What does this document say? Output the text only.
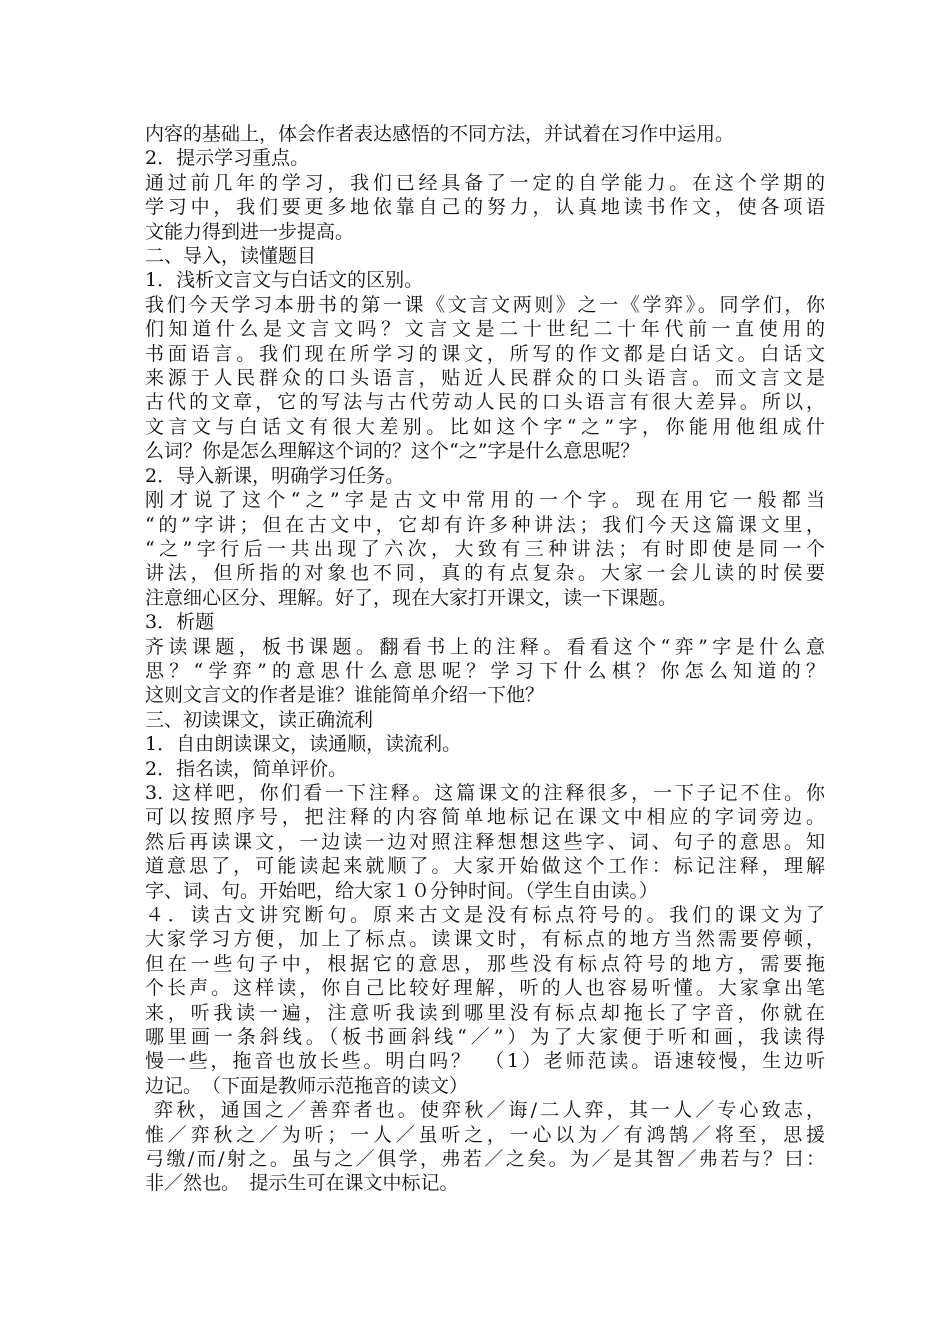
内容的基础上，体会作者表达感悟的不同方法，并试着在习作中运用。
2．提示学习重点。
通过前几年的学习，我们已经具备了一定的自学能力。在这个学期的
学习中，我们要更多地依靠自己的努力，认真地读书作文，使各项语
文能力得到进一步提高。
二、导入，读懂题目
1．浅析文言文与白话文的区别。
我们今天学习本册书的第一课《文言文两则》之一《学弈》。同学们，你
们知道什么是文言文吗？文言文是二十世纪二十年代前一直使用的
书面语言。我们现在所学习的课文，所写的作文都是白话文。白话文
来源于人民群众的口头语言，贴近人民群众的口头语言。而文言文是
古代的文章，它的写法与古代劳动人民的口头语言有很大差异。所以，
文言文与白话文有很大差别。比如这个字“之”字，你能用他组成什
么词？你是怎么理解这个词的？这个“之”字是什么意思呢？
2．导入新课，明确学习任务。
刚才说了这个“之”字是古文中常用的一个字。现在用它一般都当
“的”字讲；但在古文中，它却有许多种讲法；我们今天这篇课文里，
“之”字行后一共出现了六次，大致有三种讲法；有时即使是同一个
讲法，但所指的对象也不同，真的有点复杂。大家一会儿读的时侯要
注意细心区分、理解。好了，现在大家打开课文，读一下课题。
3．析题
齐读课题，板书课题。翻看书上的注释。看看这个“弈”字是什么意
思？“学弈”的意思什么意思呢？学习下什么棋？你怎么知道的？
这则文言文的作者是谁？谁能简单介绍一下他？
三、初读课文，读正确流利
1．自由朗读课文，读通顺，读流利。
2．指名读，简单评价。
3. 这样吧，你们看一下注释。这篇课文的注释很多，一下子记不住。你
可以按照序号，把注释的内容简单地标记在课文中相应的字词旁边。
然后再读课文，一边读一边对照注释想想这些字、词、句子的意思。知
道意思了，可能读起来就顺了。大家开始做这个工作：标记注释，理解
字、词、句。开始吧，给大家１０分钟时间。（学生自由读。）
４．读古文讲究断句。原来古文是没有标点符号的。我们的课文为了
大家学习方便，加上了标点。读课文时，有标点的地方当然需要停顿，
但在一些句子中，根据它的意思，那些没有标点符号的地方，需要拖
个长声。这样读，你自己比较好理解，听的人也容易听懂。大家拿出笔
来，听我读一遍，注意听我读到哪里没有标点却拖长了字音，你就在
哪里画一条斜线。（板书画斜线“／”）为了大家便于听和画，我读得
慢一些，拖音也放长些。明白吗？　（1）老师范读。语速较慢，生边听
边记。　（下面是教师示范拖音的读文）
弈秋，通国之／善弈者也。使弈秋／诲/二人弈，其一人／专心致志，
惟／弈秋之／为听；一人／虽听之，一心以为／有鸿鹄／将至，思援
弓缴/而/射之。虽与之／俱学，弗若／之矣。为／是其智／弗若与？曰：
非／然也。　提示生可在课文中标记。
